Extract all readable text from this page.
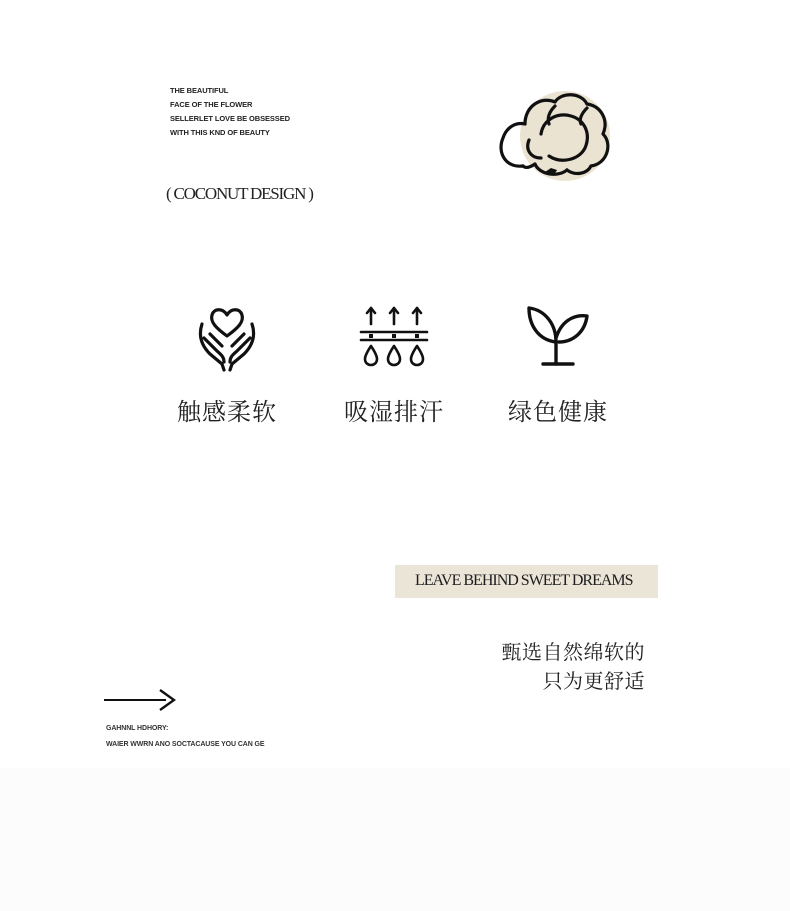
THE BEAUTIFUL
FACE OF THE FLOWER
SELLERLET LOVE BE OBSESSED
WITH THIS KND OF BEAUTY
( COCONUT DESIGN )
触感柔软	吸湿排汗	绿色健康
LEAVE BEHIND SWEET DREAMS
甄选自然绵软的
只为更舒适
GAHNNL HDHORY:
WAIER WWRN ANO SOCTACAUSE YOU CAN GE
